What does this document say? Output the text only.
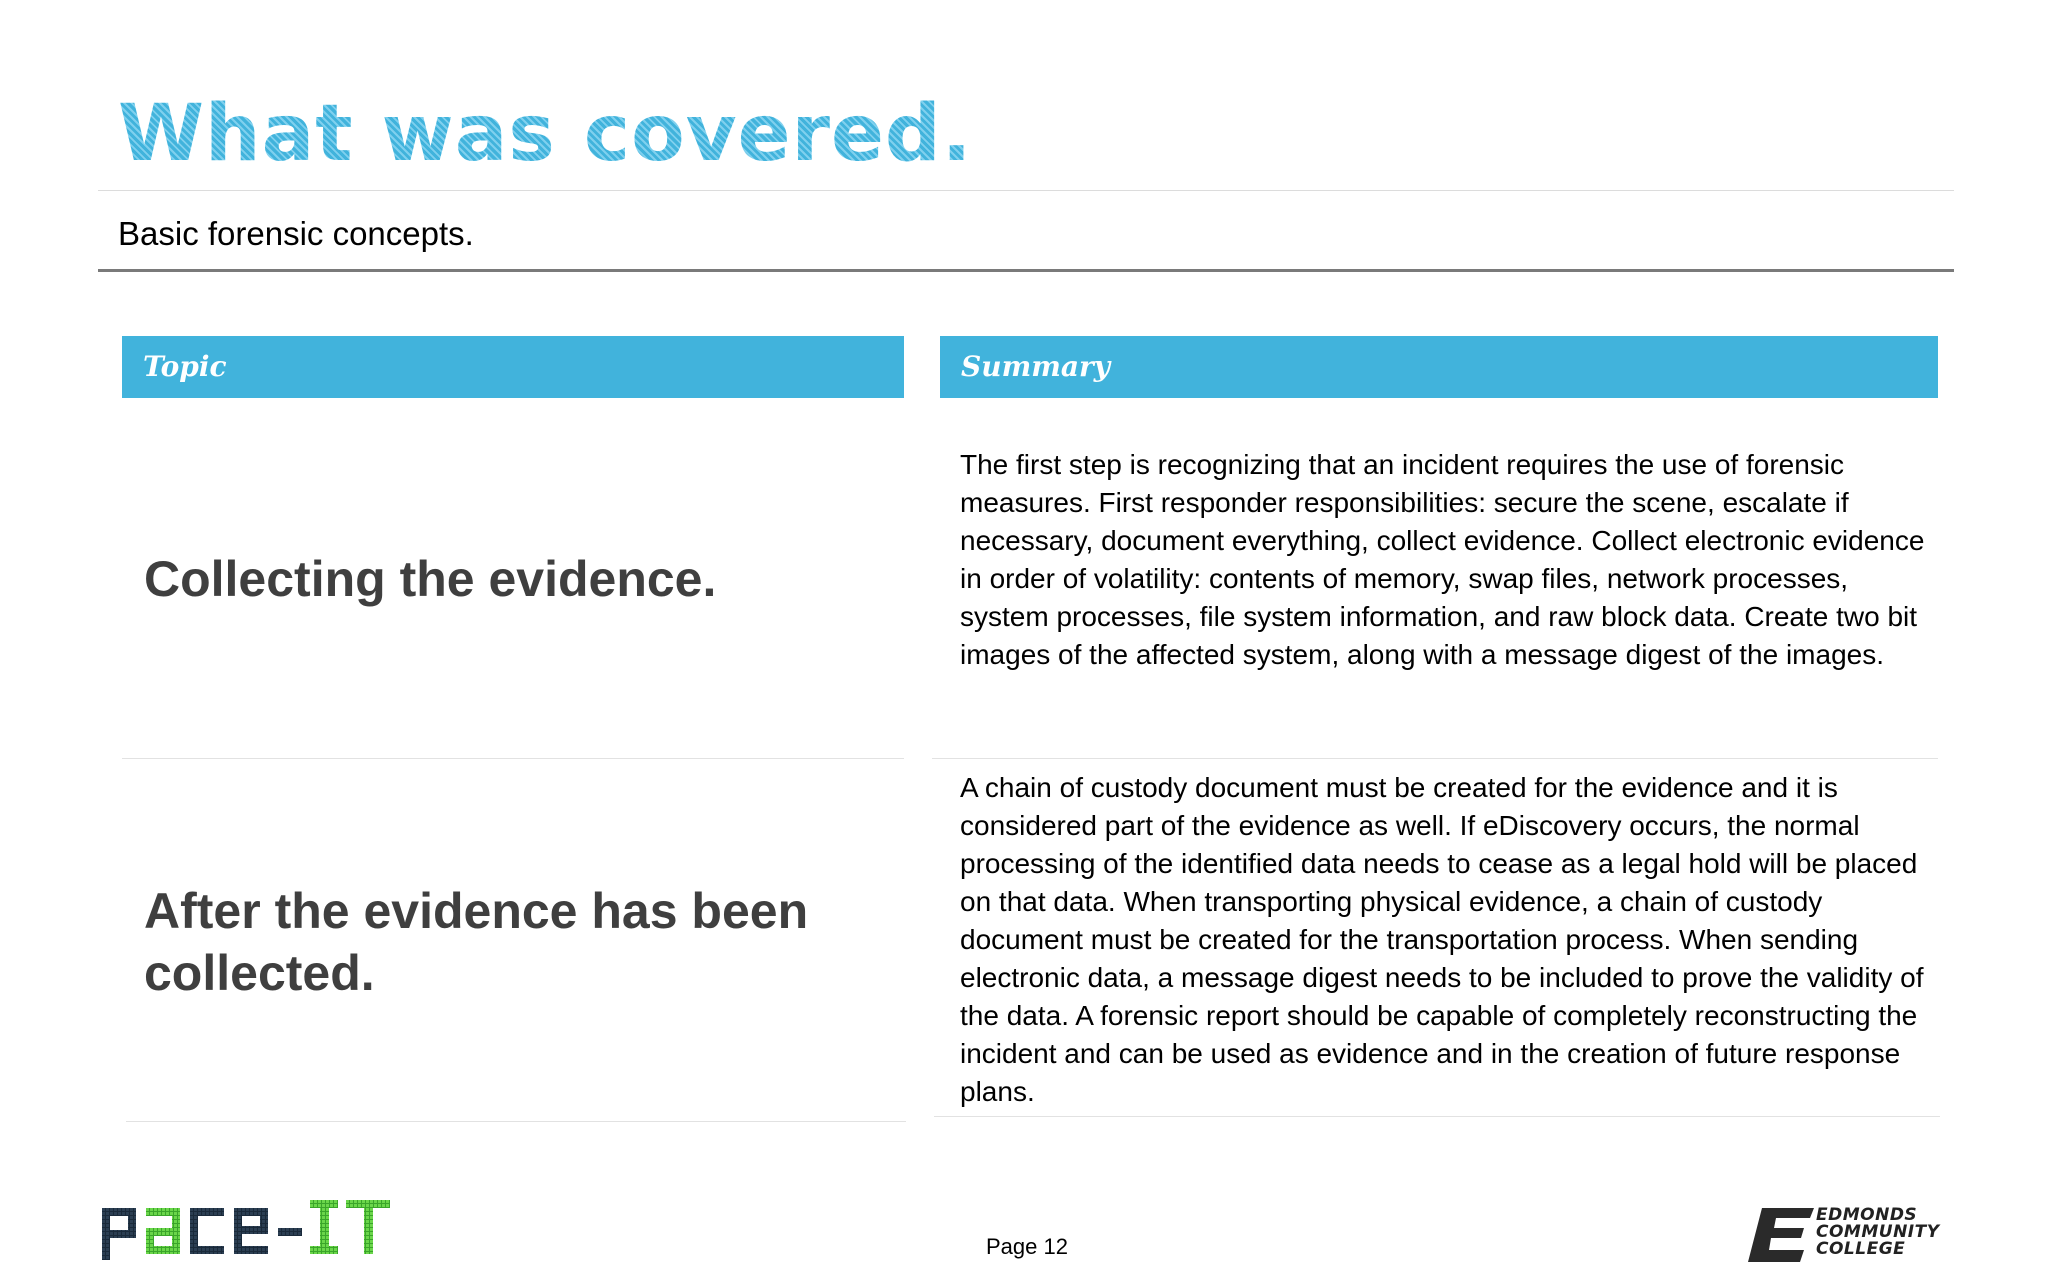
What was covered.
Basic forensic concepts.
Topic	Summary
Collecting the evidence.
The first step is recognizing that an incident requires the use of forensic measures. First responder responsibilities: secure the scene, escalate if necessary, document everything, collect evidence. Collect electronic evidence in order of volatility: contents of memory, swap files, network processes, system processes, file system information, and raw block data. Create two bit images of the affected system, along with a message digest of the images.
After the evidence has been collected.
A chain of custody document must be created for the evidence and it is considered part of the evidence as well. If eDiscovery occurs, the normal processing of the identified data needs to cease as a legal hold will be placed on that data. When transporting physical evidence, a chain of custody document must be created for the transportation process. When sending electronic data, a message digest needs to be included to prove the validity of the data. A forensic report should be capable of completely reconstructing the incident and can be used as evidence and in the creation of future response plans.
Page 12
EDMONDS
COMMUNITY
COLLEGE
